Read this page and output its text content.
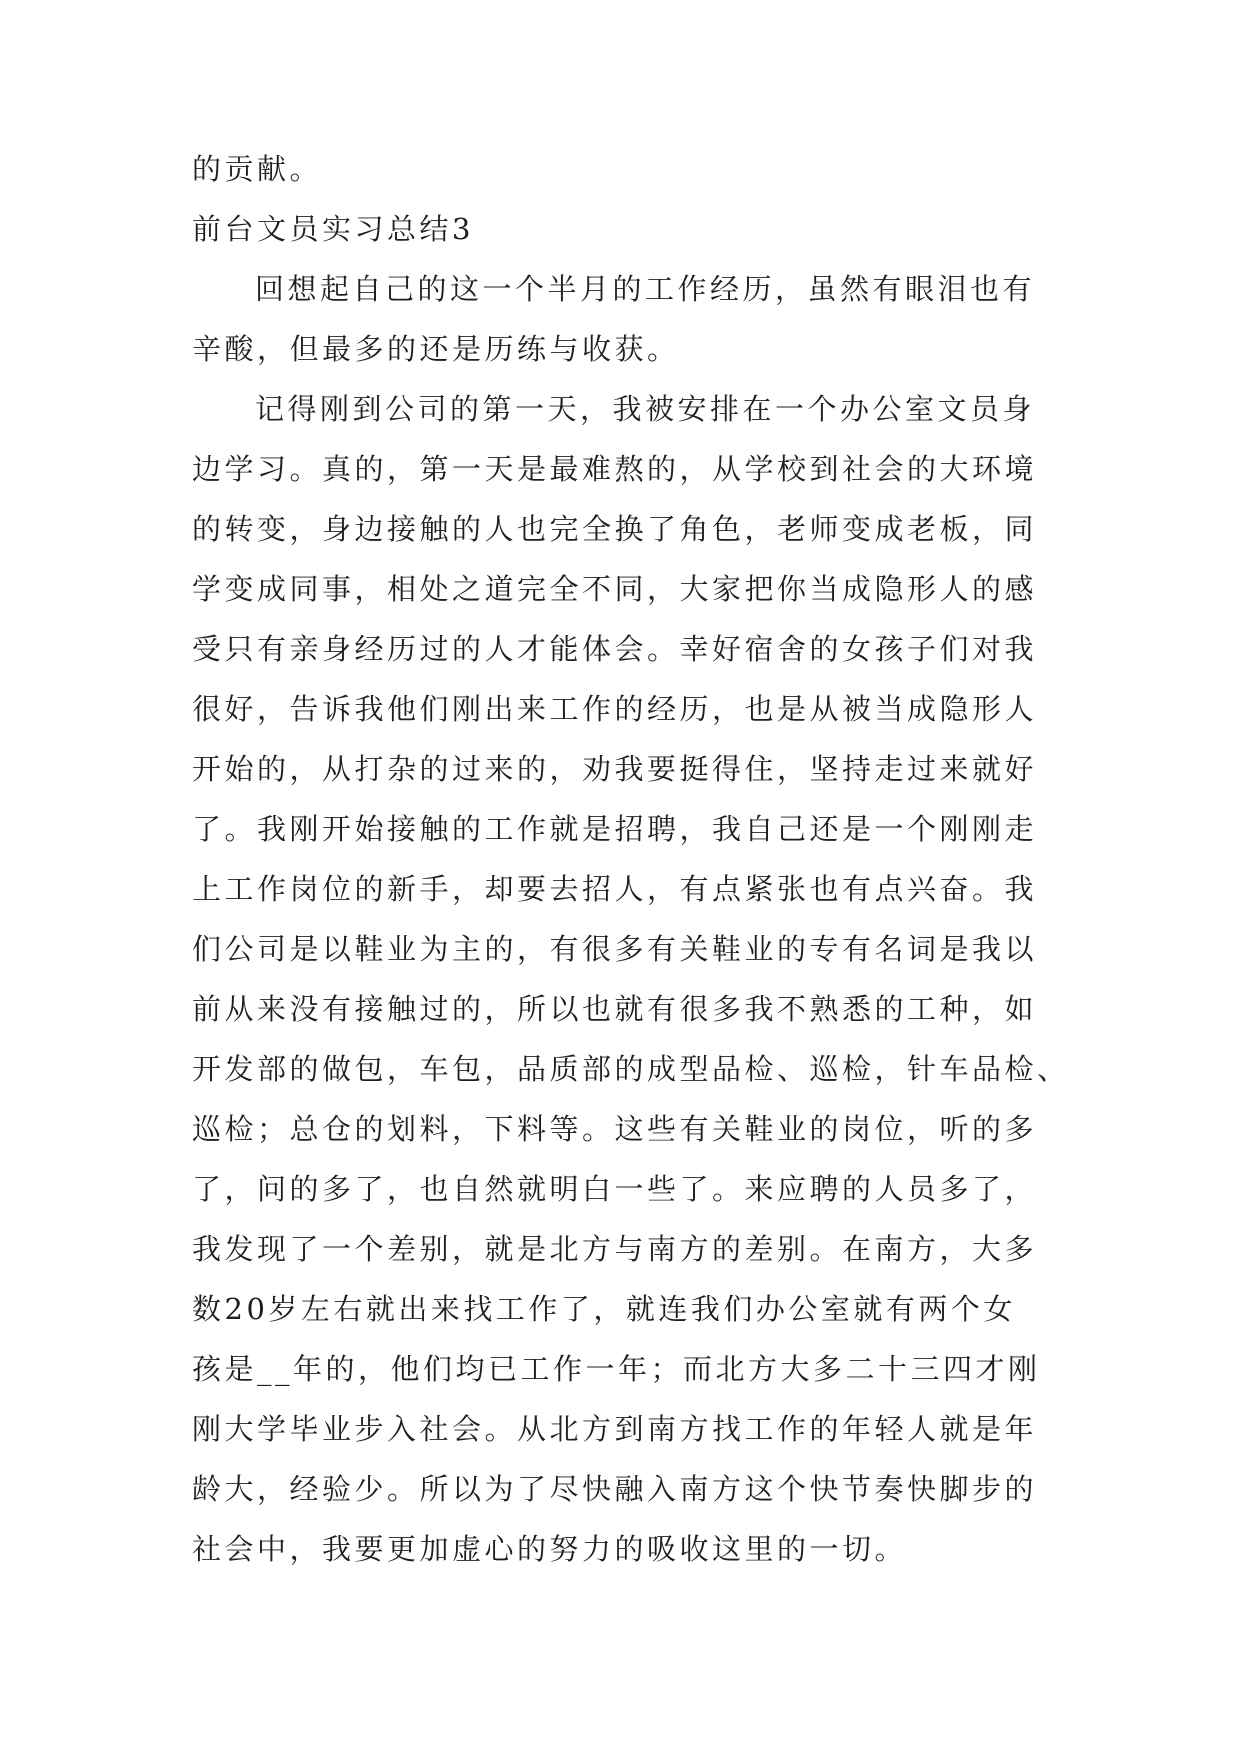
的贡献。
前台文员实习总结3
回想起自己的这一个半月的工作经历，虽然有眼泪也有
辛酸，但最多的还是历练与收获。
记得刚到公司的第一天，我被安排在一个办公室文员身
边学习。真的，第一天是最难熬的，从学校到社会的大环境
的转变，身边接触的人也完全换了角色，老师变成老板，同
学变成同事，相处之道完全不同，大家把你当成隐形人的感
受只有亲身经历过的人才能体会。幸好宿舍的女孩子们对我
很好，告诉我他们刚出来工作的经历，也是从被当成隐形人
开始的，从打杂的过来的，劝我要挺得住，坚持走过来就好
了。我刚开始接触的工作就是招聘，我自己还是一个刚刚走
上工作岗位的新手，却要去招人，有点紧张也有点兴奋。我
们公司是以鞋业为主的，有很多有关鞋业的专有名词是我以
前从来没有接触过的，所以也就有很多我不熟悉的工种，如
开发部的做包，车包，品质部的成型品检、巡检，针车品检、
巡检；总仓的划料，下料等。这些有关鞋业的岗位，听的多
了，问的多了，也自然就明白一些了。来应聘的人员多了，
我发现了一个差别，就是北方与南方的差别。在南方，大多
数20岁左右就出来找工作了，就连我们办公室就有两个女
孩是__年的，他们均已工作一年；而北方大多二十三四才刚
刚大学毕业步入社会。从北方到南方找工作的年轻人就是年
龄大，经验少。所以为了尽快融入南方这个快节奏快脚步的
社会中，我要更加虚心的努力的吸收这里的一切。
